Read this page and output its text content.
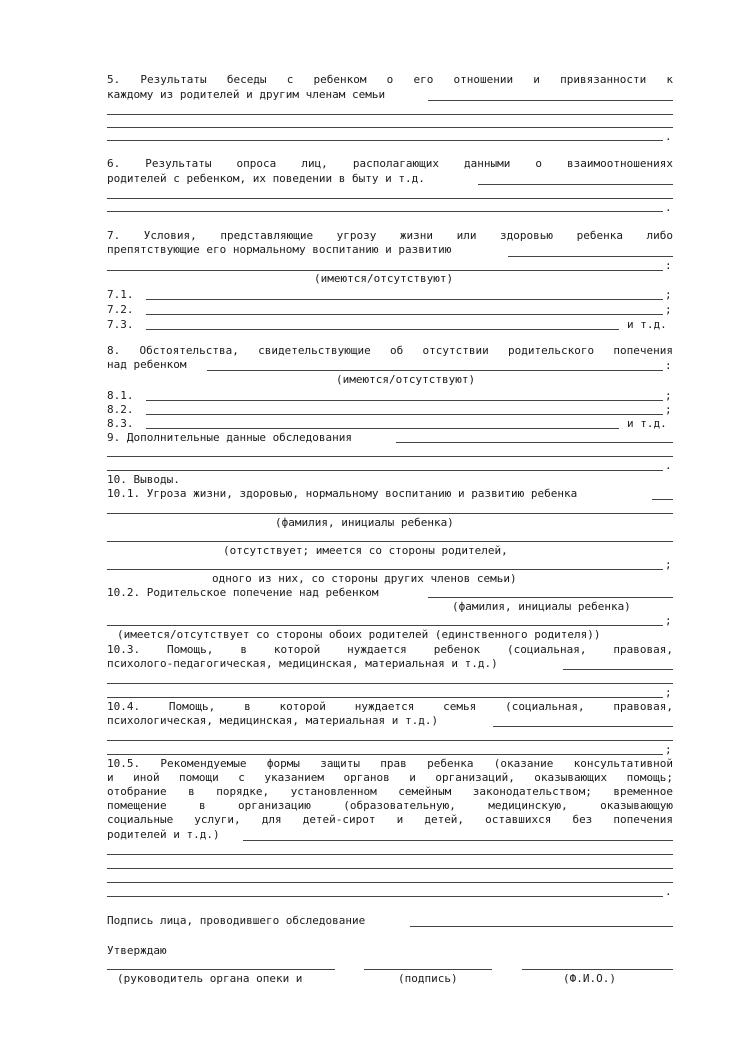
5. Результаты беседы с ребенком о его отношении и привязанности к
каждому из родителей и другим членам семьи
.
6. Результаты опроса лиц, располагающих данными о взаимоотношениях
родителей с ребенком, их поведении в быту и т.д.
.
7. Условия, представляющие угрозу жизни или здоровью ребенка либо
препятствующие его нормальному воспитанию и развитию
:
(имеются/отсутствуют)
7.1.	;
7.2.	;
7.3.	и т.д.
8. Обстоятельства, свидетельствующие об отсутствии родительского попечения
над ребенком	:
(имеются/отсутствуют)
8.1.	;
8.2.	;
8.3.	и т.д.
9. Дополнительные данные обследования
.
10. Выводы.
10.1. Угроза жизни, здоровью, нормальному воспитанию и развитию ребенка
(фамилия, инициалы ребенка)
(отсутствует; имеется со стороны родителей,
;
одного из них, со стороны других членов семьи)
10.2. Родительское попечение над ребенком
(фамилия, инициалы ребенка)
;
(имеется/отсутствует со стороны обоих родителей (единственного родителя))
10.3. Помощь, в которой нуждается ребенок (социальная, правовая,
психолого-педагогическая, медицинская, материальная и т.д.)
;
10.4. Помощь, в которой нуждается семья (социальная, правовая,
психологическая, медицинская, материальная и т.д.)
;
10.5. Рекомендуемые формы защиты прав ребенка (оказание консультативной
и иной помощи с указанием органов и организаций, оказывающих помощь;
отобрание в порядке, установленном семейным законодательством; временное
помещение в организацию (образовательную, медицинскую, оказывающую
социальные услуги, для детей-сирот и детей, оставшихся без попечения
родителей и т.д.)
.
Подпись лица, проводившего обследование
Утверждаю
(руководитель органа опеки и	(подпись)	(Ф.И.О.)
